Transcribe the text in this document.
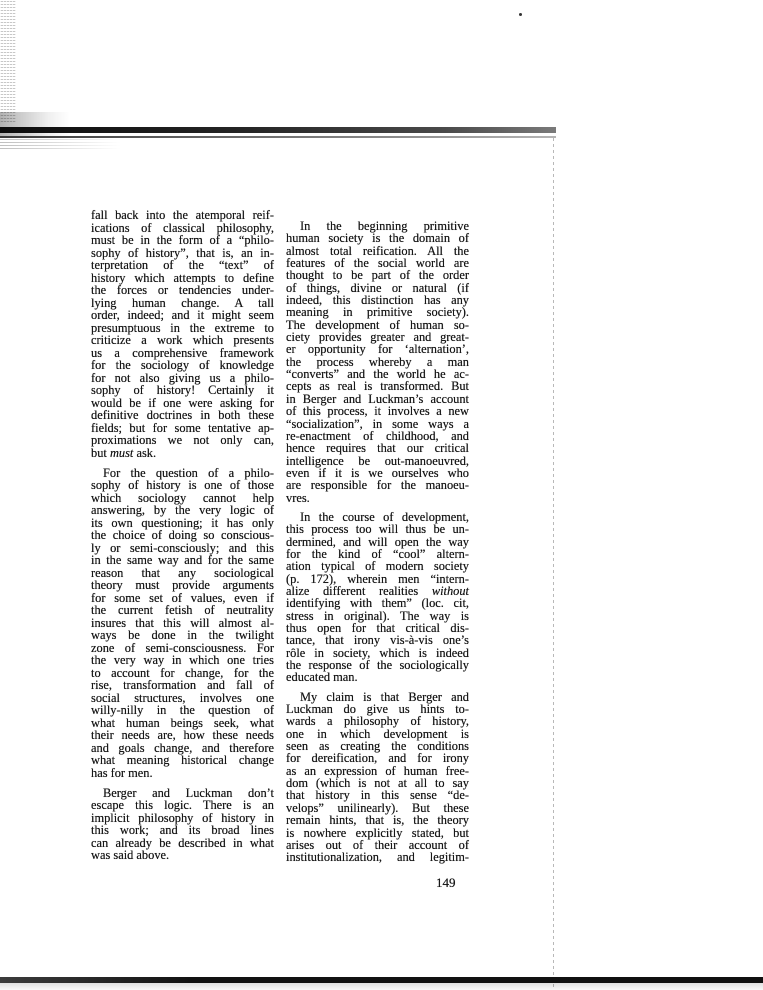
149
fall back into the atemporal reif-
ications of classical philosophy,
must be in the form of a “philo-
sophy of history”, that is, an in-
terpretation of the “text” of
history which attempts to define
the forces or tendencies under-
lying human change. A tall
order, indeed; and it might seem
presumptuous in the extreme to
criticize a work which presents
us a comprehensive framework
for the sociology of knowledge
for not also giving us a philo-
sophy of history! Certainly it
would be if one were asking for
definitive doctrines in both these
fields; but for some tentative ap-
proximations we not only can,
but must ask.
For the question of a philo-
sophy of history is one of those
which sociology cannot help
answering, by the very logic of
its own questioning; it has only
the choice of doing so conscious-
ly or semi-consciously; and this
in the same way and for the same
reason that any sociological
theory must provide arguments
for some set of values, even if
the current fetish of neutrality
insures that this will almost al-
ways be done in the twilight
zone of semi-consciousness. For
the very way in which one tries
to account for change, for the
rise, transformation and fall of
social structures, involves one
willy-nilly in the question of
what human beings seek, what
their needs are, how these needs
and goals change, and therefore
what meaning historical change
has for men.
Berger and Luckman don’t
escape this logic. There is an
implicit philosophy of history in
this work; and its broad lines
can already be described in what
was said above.
In the beginning primitive
human society is the domain of
almost total reification. All the
features of the social world are
thought to be part of the order
of things, divine or natural (if
indeed, this distinction has any
meaning in primitive society).
The development of human so-
ciety provides greater and great-
er opportunity for ‘alternation’,
the process whereby a man
“converts” and the world he ac-
cepts as real is transformed. But
in Berger and Luckman’s account
of this process, it involves a new
“socialization”, in some ways a
re-enactment of childhood, and
hence requires that our critical
intelligence be out-manoeuvred,
even if it is we ourselves who
are responsible for the manoeu-
vres.
In the course of development,
this process too will thus be un-
dermined, and will open the way
for the kind of “cool” altern-
ation typical of modern society
(p. 172), wherein men “intern-
alize different realities without
identifying with them” (loc. cit,
stress in original). The way is
thus open for that critical dis-
tance, that irony vis-à-vis one’s
rôle in society, which is indeed
the response of the sociologically
educated man.
My claim is that Berger and
Luckman do give us hints to-
wards a philosophy of history,
one in which development is
seen as creating the conditions
for dereification, and for irony
as an expression of human free-
dom (which is not at all to say
that history in this sense “de-
velops” unilinearly). But these
remain hints, that is, the theory
is nowhere explicitly stated, but
arises out of their account of
institutionalization, and legitim-
